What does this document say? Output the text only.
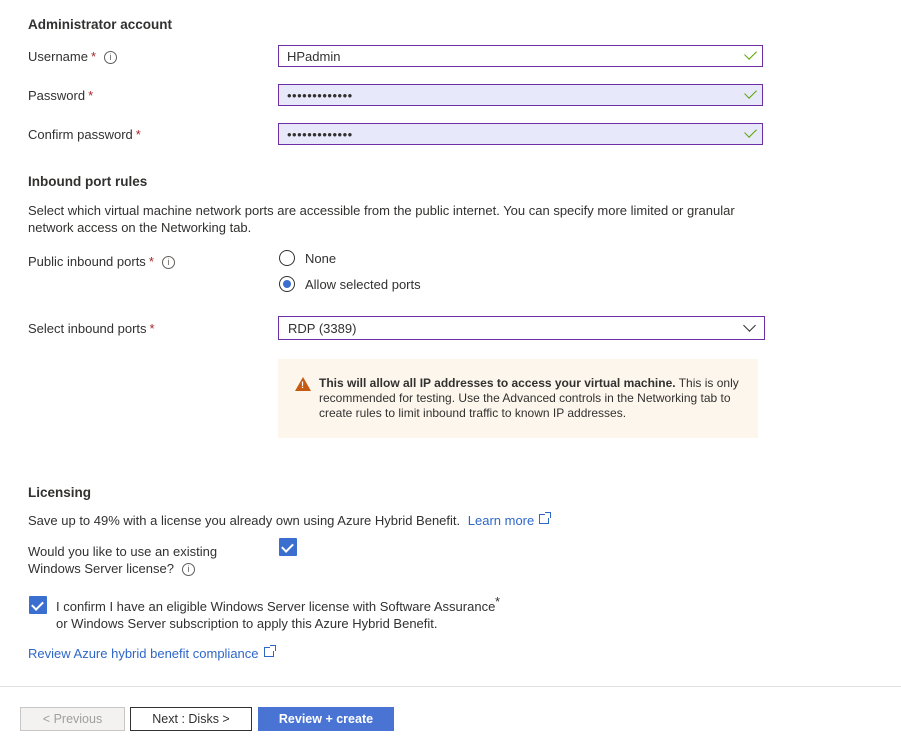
Administrator account
Username * i
HPadmin
Password *
•••••••••••••
Confirm password *
•••••••••••••
Inbound port rules
Select which virtual machine network ports are accessible from the public internet. You can specify more limited or granular network access on the Networking tab.
Public inbound ports * i	None
Allow selected ports
Select inbound ports *	RDP (3389)
! This will allow all IP addresses to access your virtual machine. This is only recommended for testing. Use the Advanced controls in the Networking tab to create rules to limit inbound traffic to known IP addresses.
Licensing
Save up to 49% with a license you already own using Azure Hybrid Benefit. Learn more
Would you like to use an existing
Windows Server license? i
I confirm I have an eligible Windows Server license with Software Assurance
or Windows Server subscription to apply this Azure Hybrid Benefit.
*
Review Azure hybrid benefit compliance
< Previous	Next : Disks >	Review + create
